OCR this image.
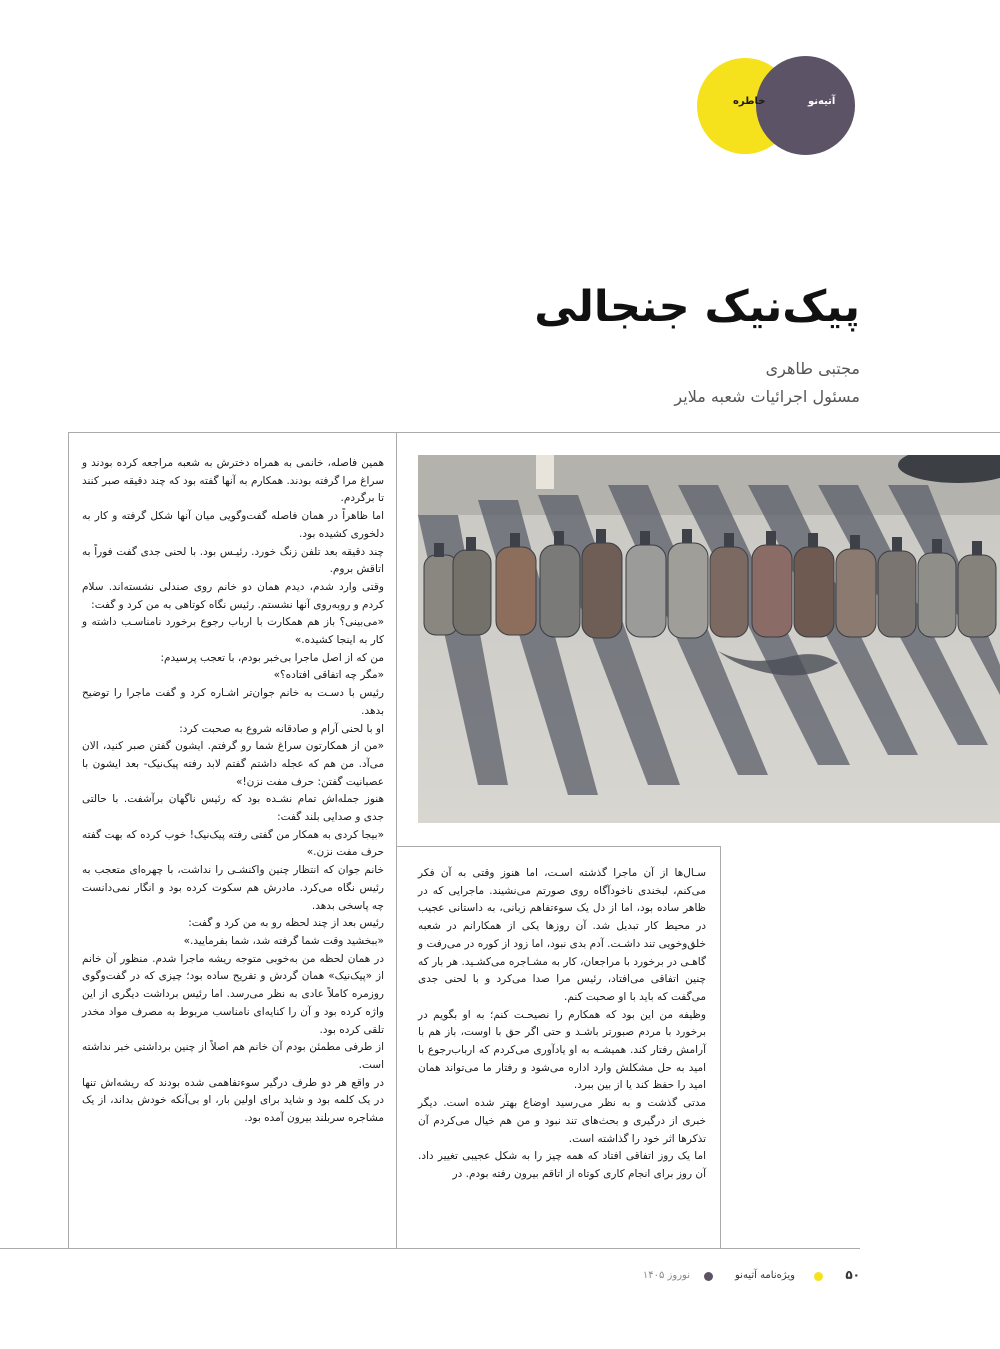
آتیه‌نو
خاطره
پیک‌نیک جنجالی
مجتبی طاهری
مسئول اجرائیات شعبه ملایر

همین فاصله، خانمی به همراه دخترش به شعبه مراجعه کرده بودند و سراغ مرا گرفته بودند. همکارم به آنها گفته بود که چند دقیقه صبر کنند تا برگردم.

اما ظاهراً در همان فاصله گفت‌وگویی میان آنها شکل گرفته و کار به دلخوری کشیده بود.

چند دقیقه بعد تلفن زنگ خورد. رئیـس بود. با لحنی جدی گفت فوراً به اتاقش بروم.

وقتی وارد شدم، دیدم همان دو خانم روی صندلی نشسته‌اند. سلام کردم و روبه‌روی آنها نشستم. رئیس نگاه کوتاهی به من کرد و گفت:

«می‌بینی؟ باز هم همکارت با ارباب رجوع برخورد نامناسـب داشته و کار به اینجا کشیده.»

من که از اصل ماجرا بی‌خبر بودم، با تعجب پرسیدم:

«مگر چه اتفاقی افتاده؟»

رئیس با دسـت به خانم جوان‌تر اشـاره کرد و گفت ماجرا را توضیح بدهد.

او با لحنی آرام و صادقانه شروع به صحبت کرد:

«من از همکارتون سراغ شما رو گرفتم. ایشون گفتن صبر کنید، الان می‌آد. من هم که عجله داشتم گفتم لابد رفته پیک‌نیک- بعد ایشون با عصبانیت گفتن: حرف مفت نزن!»

هنوز جمله‌اش تمام نشـده بود که رئیس ناگهان برآشفت. با حالتی جدی و صدایی بلند گفت:

«بیجا کردی به همکار من گفتی رفته پیک‌نیک! خوب کرده که بهت گفته حرف مفت نزن.»

خانم جوان که انتظار چنین واکنشـی را نداشت، با چهره‌ای متعجب به رئیس نگاه می‌کرد. مادرش هم سکوت کرده بود و انگار نمی‌دانست چه پاسخی بدهد.

رئیس بعد از چند لحظه رو به من کرد و گفت:

«ببخشید وقت شما گرفته شد، شما بفرمایید.»

در همان لحظه من به‌خوبی متوجه ریشه ماجرا شدم. منظور آن خانم از «پیک‌نیک» همان گردش و تفریح ساده بود؛ چیزی که در گفت‌وگوی روزمره کاملاً عادی به نظر می‌رسد. اما رئیس برداشت دیگری از این واژه کرده بود و آن را کنایه‌ای نامناسب مربوط به مصرف مواد مخدر تلقی کرده بود.

از طرفی مطمئن بودم آن خانم هم اصلاً از چنین برداشتی خبر نداشته است.

در واقع هر دو طرف درگیر سوءتفاهمی شده بودند که ریشه‌اش تنها در یک کلمه بود و شاید برای اولین بار، او بی‌آنکه خودش بداند، از یک مشاجره سربلند بیرون آمده بود.

سـال‌ها از آن ماجرا گذشته اسـت، اما هنوز وقتی به آن فکر می‌کنم، لبخندی ناخودآگاه روی صورتم می‌نشیند. ماجرایی که در ظاهر ساده بود، اما از دل یک سوءتفاهم زبانی، به داستانی عجیب در محیط کار تبدیل شد. آن روزها یکی از همکارانم در شعبه خلق‌وخویی تند داشـت. آدم بدی نبود، اما زود از کوره در می‌رفت و گاهـی در برخورد با مراجعان، کار به مشـاجره می‌کشـید. هر بار که چنین اتفاقی می‌افتاد، رئیس مرا صدا می‌کرد و با لحنی جدی می‌گفت که باید با او صحبت کنم.

وظیفه من این بود که همکارم را نصیحـت کنم؛ به او بگویم در برخورد با مردم صبورتر باشـد و حتی اگر حق با اوست، باز هم با آرامش رفتار کند. همیشـه به او یادآوری می‌کردم که ارباب‌رجوع با امید به حل مشکلش وارد اداره می‌شود و رفتار ما می‌تواند همان امید را حفظ کند یا از بین ببرد.

مدتی گذشت و به نظر می‌رسید اوضاع بهتر شده است. دیگر خبری از درگیری و بحث‌های تند نبود و من هم خیال می‌کردم آن تذکرها اثر خود را گذاشته است.

اما یک روز اتفاقی افتاد که همه چیز را به شکل عجیبی تغییر داد. آن روز برای انجام کاری کوتاه از اتاقم بیرون رفته بودم. در

۵۰
ویژه‌نامه آتیه‌نو
نوروز ۱۴۰۵
